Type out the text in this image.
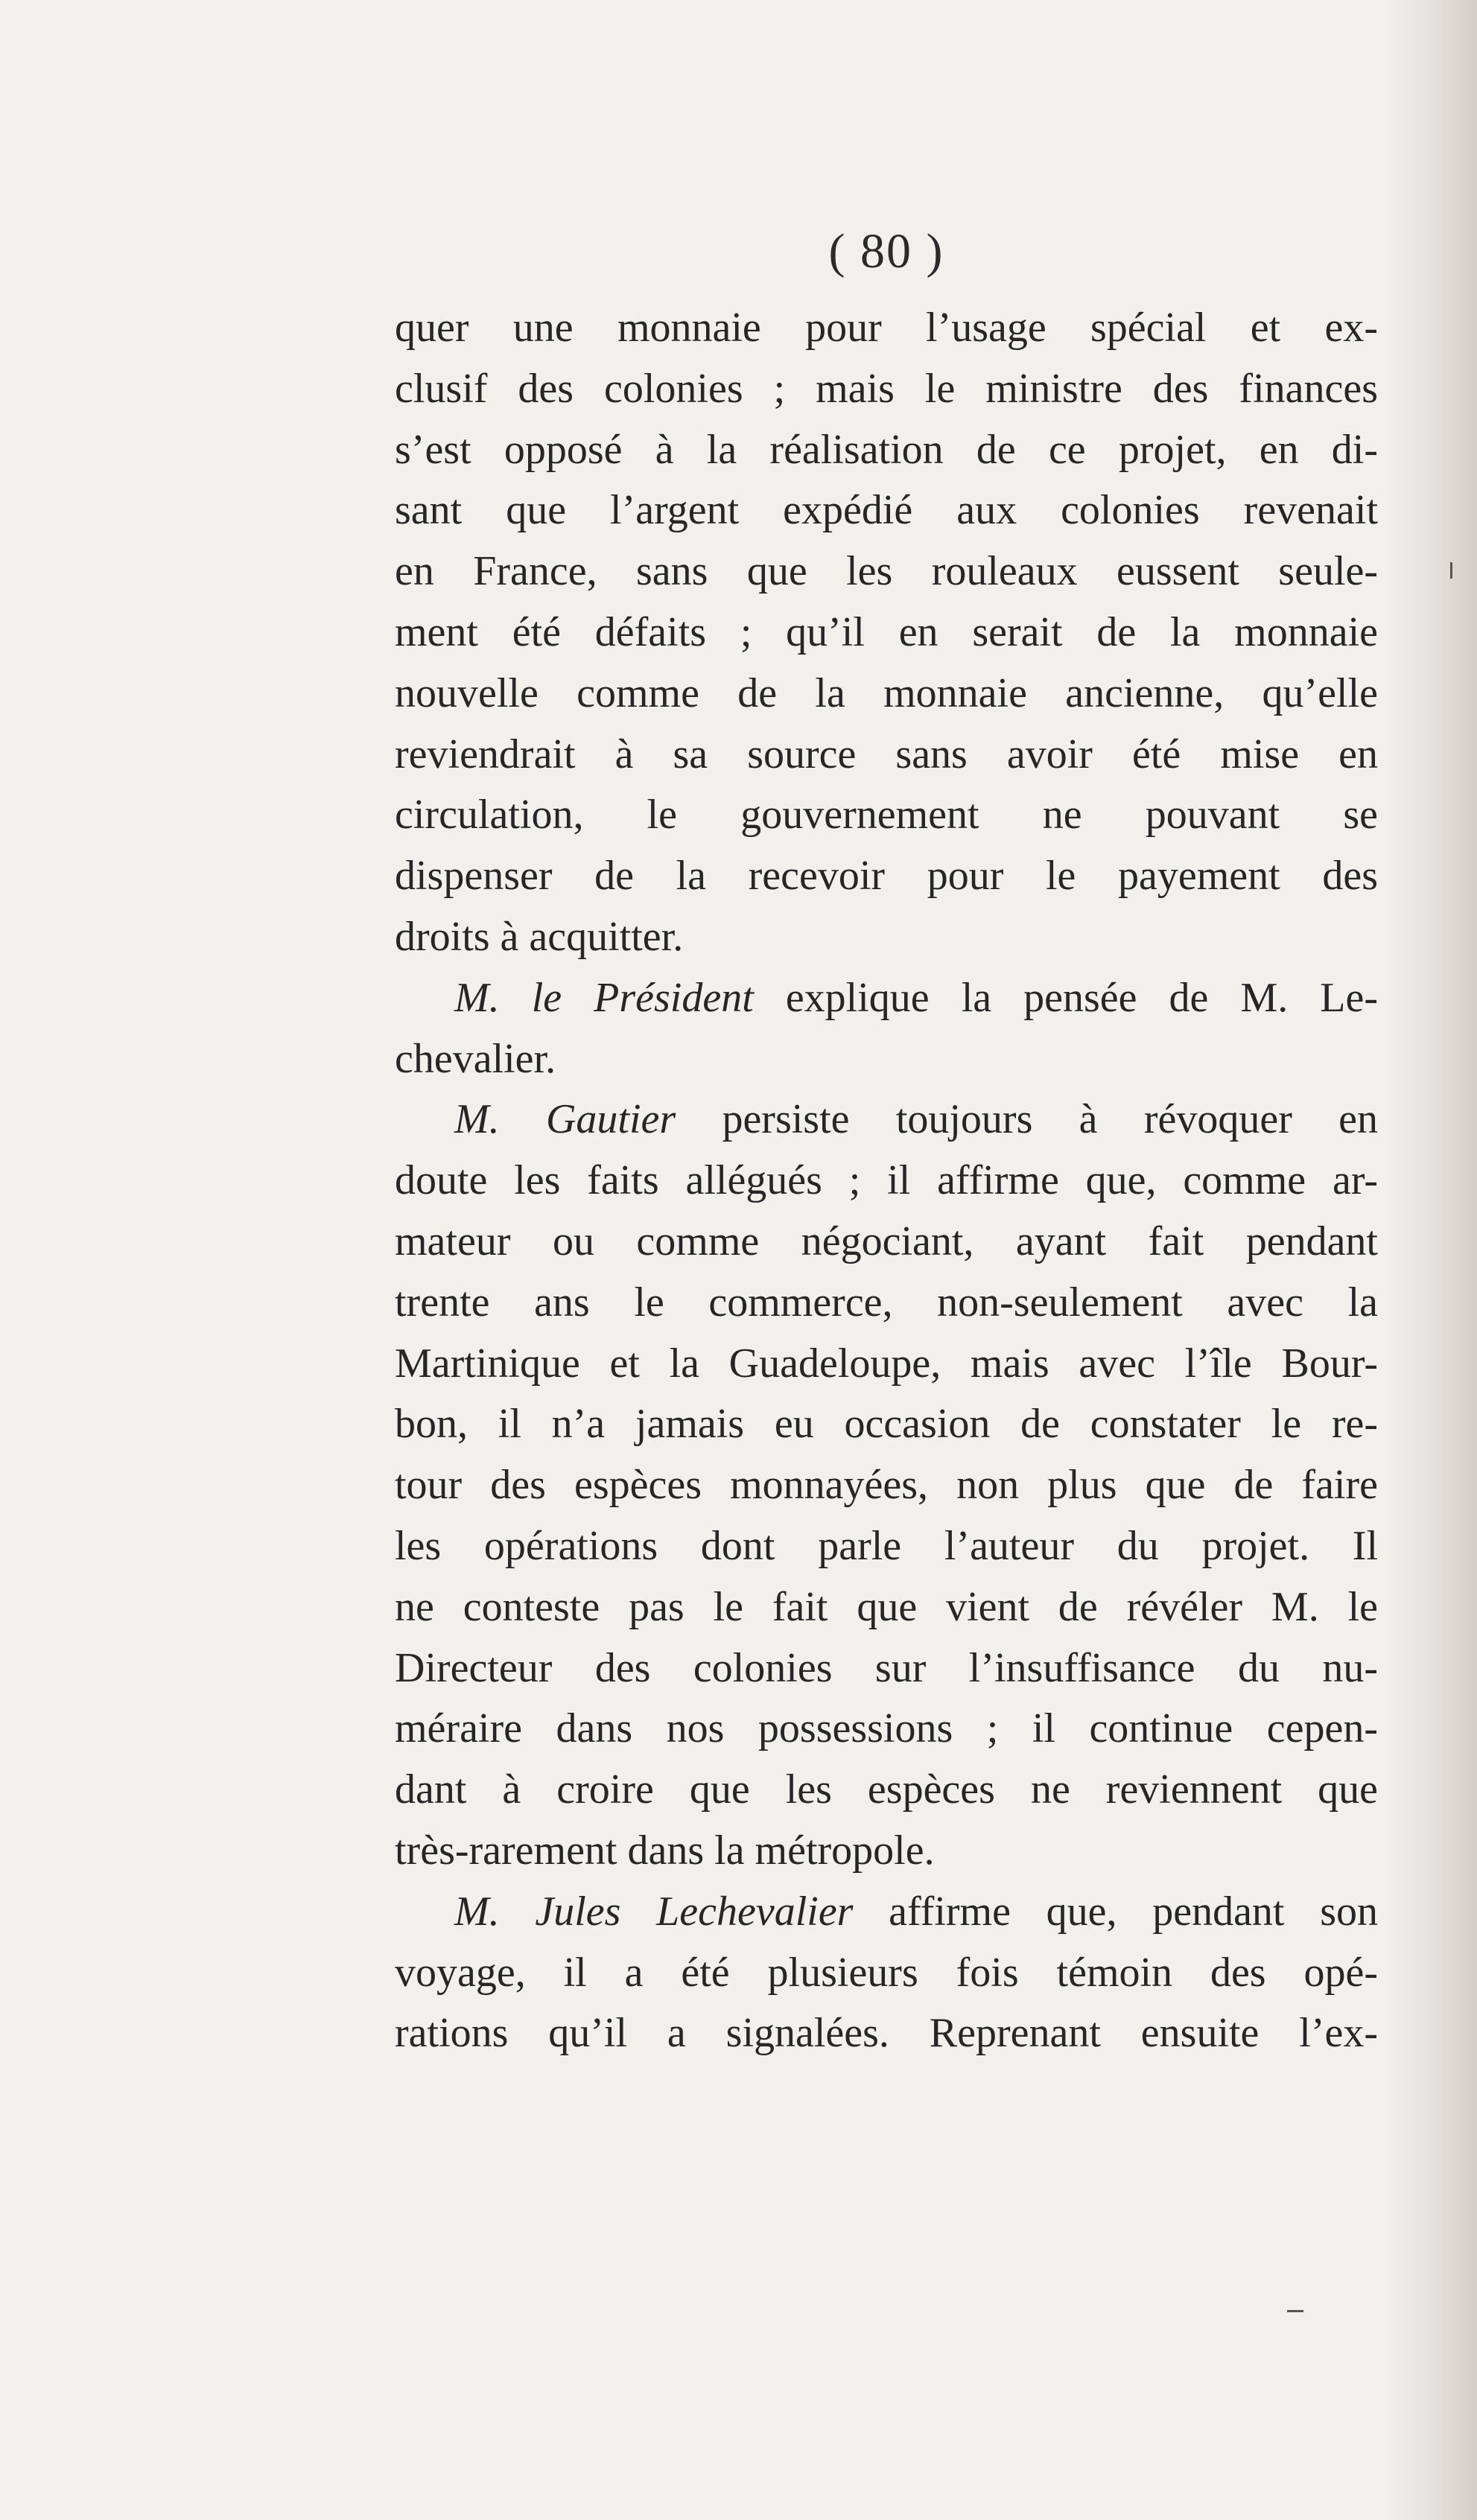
( 80 )
quer une monnaie pour l’usage spécial et ex-
clusif des colonies ; mais le ministre des finances
s’est opposé à la réalisation de ce projet, en di-
sant que l’argent expédié aux colonies revenait
en France, sans que les rouleaux eussent seule-
ment été défaits ; qu’il en serait de la monnaie
nouvelle comme de la monnaie ancienne, qu’elle
reviendrait à sa source sans avoir été mise en
circulation, le gouvernement ne pouvant se
dispenser de la recevoir pour le payement des
droits à acquitter.
M. le Président explique la pensée de M. Le-
chevalier.
M. Gautier persiste toujours à révoquer en
doute les faits allégués ; il affirme que, comme ar-
mateur ou comme négociant, ayant fait pendant
trente ans le commerce, non-seulement avec la
Martinique et la Guadeloupe, mais avec l’île Bour-
bon, il n’a jamais eu occasion de constater le re-
tour des espèces monnayées, non plus que de faire
les opérations dont parle l’auteur du projet. Il
ne conteste pas le fait que vient de révéler M. le
Directeur des colonies sur l’insuffisance du nu-
méraire dans nos possessions ; il continue cepen-
dant à croire que les espèces ne reviennent que
très-rarement dans la métropole.
M. Jules Lechevalier affirme que, pendant son
voyage, il a été plusieurs fois témoin des opé-
rations qu’il a signalées. Reprenant ensuite l’ex-
